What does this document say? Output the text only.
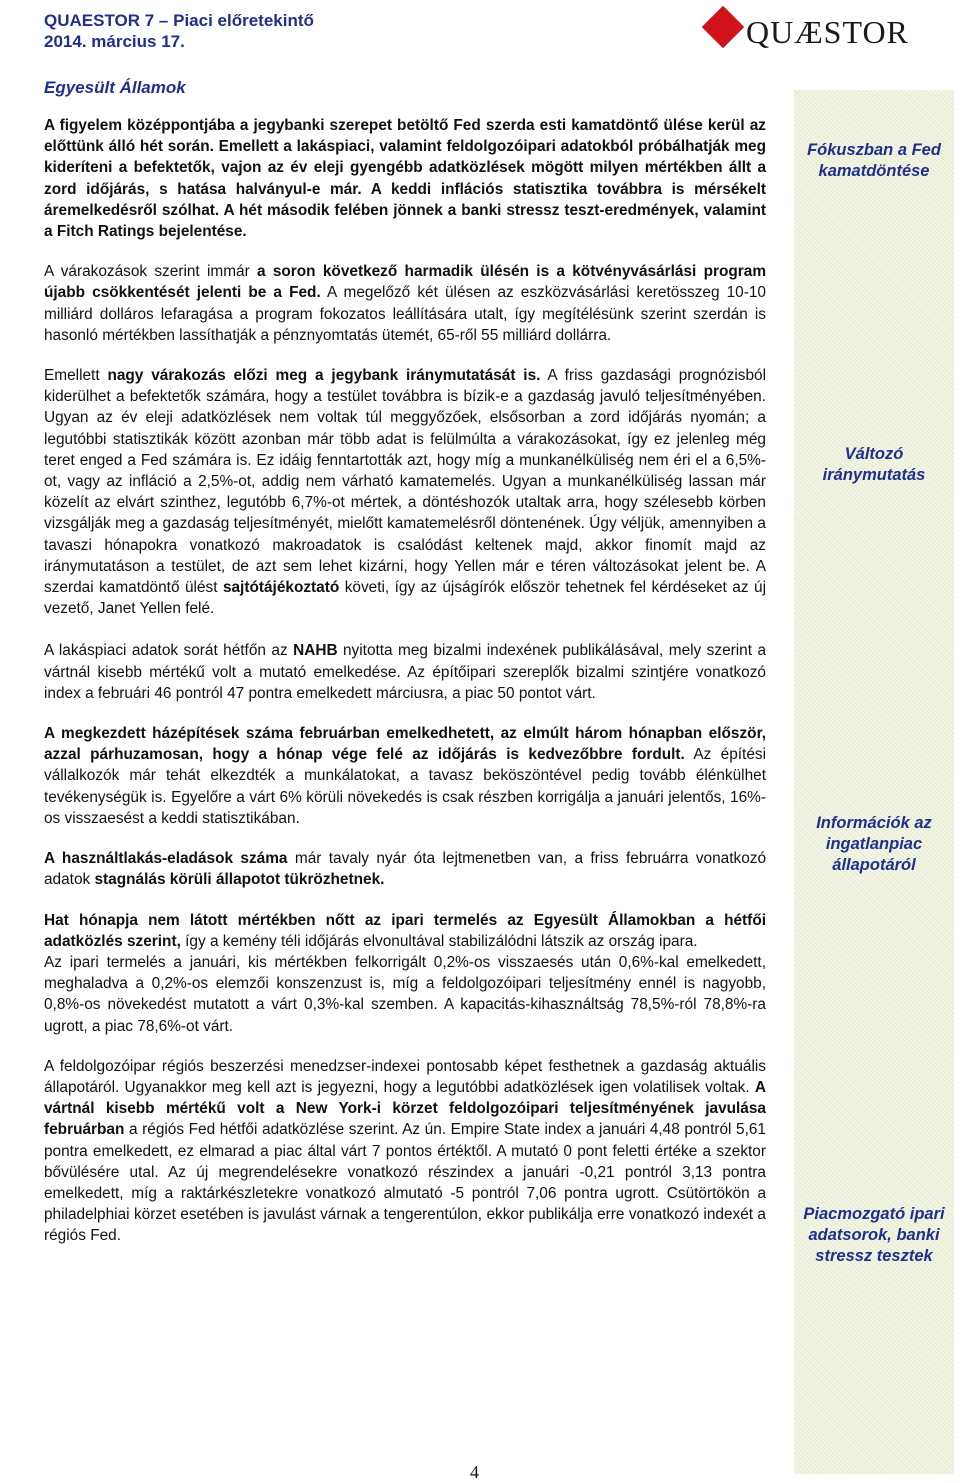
QUAESTOR 7 – Piaci előretekintő
2014. március 17.	QUÆSTOR
Egyesült Államok
Fókuszban a Fed kamatdöntése
Változó iránymutatás
Információk az ingatlanpiac állapotáról
Piacmozgató ipari adatsorok, banki stressz tesztek

A figyelem középpontjába a jegybanki szerepet betöltő Fed szerda esti kamatdöntő ülése kerül az előttünk álló hét során. Emellett a lakáspiaci, valamint feldolgozóipari adatokból próbálhatják meg kideríteni a befektetők, vajon az év eleji gyengébb adatközlések mögött milyen mértékben állt a zord időjárás, s hatása halványul-e már. A keddi inflációs statisztika továbbra is mérsékelt áremelkedésről szólhat. A hét második felében jönnek a banki stressz teszt-eredmények, valamint a Fitch Ratings bejelentése.

A várakozások szerint immár a soron következő harmadik ülésén is a kötvényvásárlási program újabb csökkentését jelenti be a Fed. A megelőző két ülésen az eszközvásárlási keretösszeg 10-10 milliárd dolláros lefaragása a program fokozatos leállítására utalt, így megítélésünk szerint szerdán is hasonló mértékben lassíthatják a pénznyomtatás ütemét, 65-ről 55 milliárd dollárra.

Emellett nagy várakozás előzi meg a jegybank iránymutatását is. A friss gazdasági prognózisból kiderülhet a befektetők számára, hogy a testület továbbra is bízik-e a gazdaság javuló teljesítményében. Ugyan az év eleji adatközlések nem voltak túl meggyőzőek, elsősorban a zord időjárás nyomán; a legutóbbi statisztikák között azonban már több adat is felülmúlta a várakozásokat, így ez jelenleg még teret enged a Fed számára is. Ez idáig fenntartották azt, hogy míg a munkanélküliség nem éri el a 6,5%-ot, vagy az infláció a 2,5%-ot, addig nem várható kamatemelés. Ugyan a munkanélküliség lassan már közelít az elvárt szinthez, legutóbb 6,7%-ot mértek, a döntéshozók utaltak arra, hogy szélesebb körben vizsgálják meg a gazdaság teljesítményét, mielőtt kamatemelésről döntenének. Úgy véljük, amennyiben a tavaszi hónapokra vonatkozó makroadatok is csalódást keltenek majd, akkor finomít majd az iránymutatáson a testület, de azt sem lehet kizárni, hogy Yellen már e téren változásokat jelent be. A szerdai kamatdöntő ülést sajtótájékoztató követi, így az újságírók először tehetnek fel kérdéseket az új vezető, Janet Yellen felé.

A lakáspiaci adatok sorát hétfőn az NAHB nyitotta meg bizalmi indexének publikálásával, mely szerint a vártnál kisebb mértékű volt a mutató emelkedése. Az építőipari szereplők bizalmi szintjére vonatkozó index a februári 46 pontról 47 pontra emelkedett márciusra, a piac 50 pontot várt.

A megkezdett házépítések száma februárban emelkedhetett, az elmúlt három hónapban először, azzal párhuzamosan, hogy a hónap vége felé az időjárás is kedvezőbbre fordult. Az építési vállalkozók már tehát elkezdték a munkálatokat, a tavasz beköszöntével pedig tovább élénkülhet tevékenységük is. Egyelőre a várt 6% körüli növekedés is csak részben korrigálja a januári jelentős, 16%-os visszaesést a keddi statisztikában.

A használtlakás-eladások száma már tavaly nyár óta lejtmenetben van, a friss februárra vonatkozó adatok stagnálás körüli állapotot tükrözhetnek.

Hat hónapja nem látott mértékben nőtt az ipari termelés az Egyesült Államokban a hétfői adatközlés szerint, így a kemény téli időjárás elvonultával stabilizálódni látszik az ország ipara.

Az ipari termelés a januári, kis mértékben felkorrigált 0,2%-os visszaesés után 0,6%-kal emelkedett, meghaladva a 0,2%-os elemzői konszenzust is, míg a feldolgozóipari teljesítmény ennél is nagyobb, 0,8%-os növekedést mutatott a várt 0,3%-kal szemben. A kapacitás-kihasználtság 78,5%-ról 78,8%-ra ugrott, a piac 78,6%-ot várt.

A feldolgozóipar régiós beszerzési menedzser-indexei pontosabb képet festhetnek a gazdaság aktuális állapotáról. Ugyanakkor meg kell azt is jegyezni, hogy a legutóbbi adatközlések igen volatilisek voltak. A vártnál kisebb mértékű volt a New York-i körzet feldolgozóipari teljesítményének javulása februárban a régiós Fed hétfői adatközlése szerint. Az ún. Empire State index a januári 4,48 pontról 5,61 pontra emelkedett, ez elmarad a piac által várt 7 pontos értéktől. A mutató 0 pont feletti értéke a szektor bővülésére utal. Az új megrendelésekre vonatkozó részindex a januári -0,21 pontról 3,13 pontra emelkedett, míg a raktárkészletekre vonatkozó almutató -5 pontról 7,06 pontra ugrott. Csütörtökön a philadelphiai körzet esetében is javulást várnak a tengerentúlon, ekkor publikálja erre vonatkozó indexét a régiós Fed.

4
